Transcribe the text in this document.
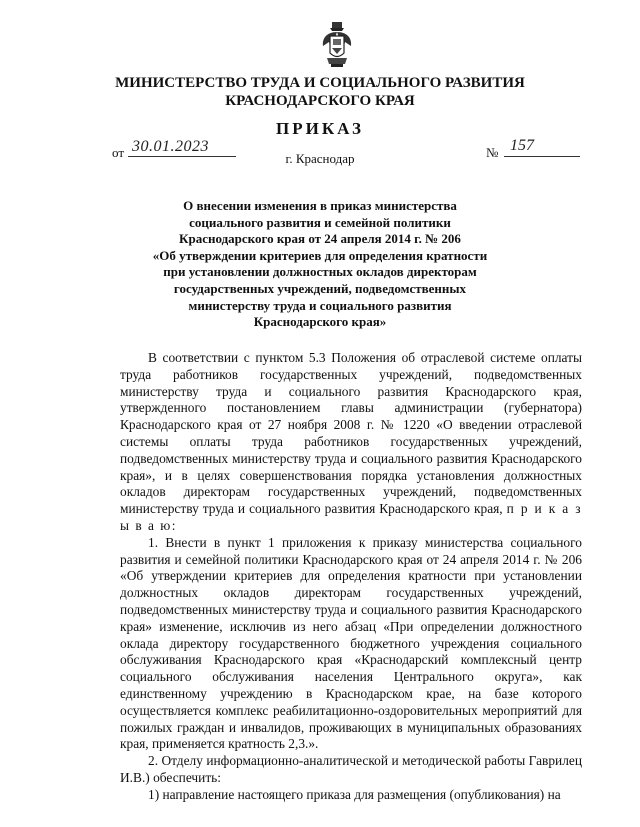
МИНИСТЕРСТВО ТРУДА И СОЦИАЛЬНОГО РАЗВИТИЯ
КРАСНОДАРСКОГО КРАЯ
ПРИКАЗ
от 30.01.2023	№ 157
г. Краснодар
О внесении изменения в приказ министерства
социального развития и семейной политики
Краснодарского края от 24 апреля 2014 г. № 206
«Об утверждении критериев для определения кратности
при установлении должностных окладов директорам
государственных учреждений, подведомственных
министерству труда и социального развития
Краснодарского края»

В соответствии с пунктом 5.3 Положения об отраслевой системе оплаты труда работников государственных учреждений, подведомственных министерству труда и социального развития Краснодарского края, утвержденного постановлением главы администрации (губернатора) Краснодарского края от 27 ноября 2008 г. № 1220 «О введении отраслевой системы оплаты труда работников государственных учреждений, подведомственных министерству труда и социального развития Краснодарского края», и в целях совершенствования порядка установления должностных окладов директорам государственных учреждений, подведомственных министерству труда и социального развития Краснодарского края, п р и к а з ы в а ю:

1. Внести в пункт 1 приложения к приказу министерства социального развития и семейной политики Краснодарского края от 24 апреля 2014 г. № 206 «Об утверждении критериев для определения кратности при установлении должностных окладов директорам государственных учреждений, подведомственных министерству труда и социального развития Краснодарского края» изменение, исключив из него абзац «При определении должностного оклада директору государственного бюджетного учреждения социального обслуживания Краснодарского края «Краснодарский комплексный центр социального обслуживания населения Центрального округа», как единственному учреждению в Краснодарском крае, на базе которого осуществляется комплекс реабилитационно-оздоровительных мероприятий для пожилых граждан и инвалидов, проживающих в муниципальных образованиях края, применяется кратность 2,3.».

2. Отделу информационно-аналитической и методической работы Гаврилец И.В.) обеспечить:

1) направление настоящего приказа для размещения (опубликования) на
